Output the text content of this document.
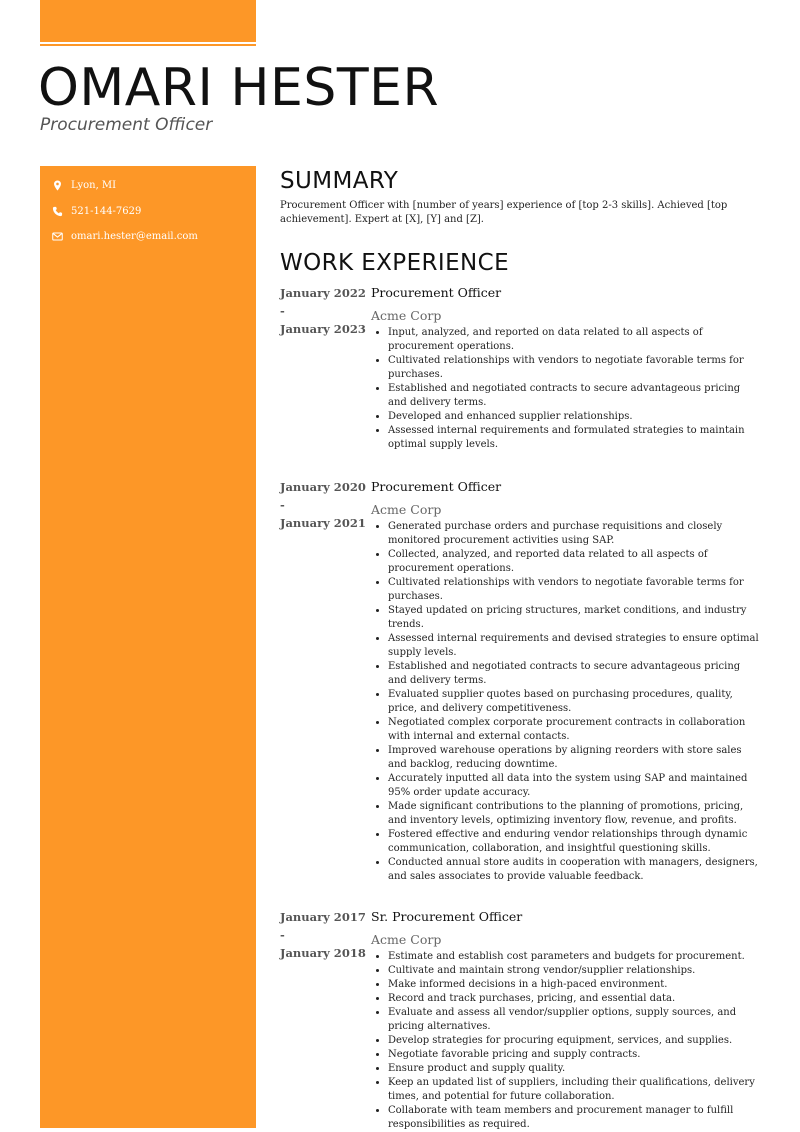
OMARI HESTER
Procurement Officer
Lyon, MI
521-144-7629
omari.hester@email.com
SUMMARY

Procurement Officer with [number of years] experience of [top 2-3 skills]. Achieved [top achievement]. Expert at [X], [Y] and [Z].

WORK EXPERIENCE
January 2022
-
January 2023
Procurement Officer
Acme Corp
• Input, analyzed, and reported on data related to all aspects of procurement operations.
• Cultivated relationships with vendors to negotiate favorable terms for purchases.
• Established and negotiated contracts to secure advantageous pricing and delivery terms.
• Developed and enhanced supplier relationships.
• Assessed internal requirements and formulated strategies to maintain optimal supply levels.
January 2020
-
January 2021
Procurement Officer
Acme Corp
• Generated purchase orders and purchase requisitions and closely monitored procurement activities using SAP.
• Collected, analyzed, and reported data related to all aspects of procurement operations.
• Cultivated relationships with vendors to negotiate favorable terms for purchases.
• Stayed updated on pricing structures, market conditions, and industry trends.
• Assessed internal requirements and devised strategies to ensure optimal supply levels.
• Established and negotiated contracts to secure advantageous pricing and delivery terms.
• Evaluated supplier quotes based on purchasing procedures, quality, price, and delivery competitiveness.
• Negotiated complex corporate procurement contracts in collaboration with internal and external contacts.
• Improved warehouse operations by aligning reorders with store sales and backlog, reducing downtime.
• Accurately inputted all data into the system using SAP and maintained 95% order update accuracy.
• Made significant contributions to the planning of promotions, pricing, and inventory levels, optimizing inventory flow, revenue, and profits.
• Fostered effective and enduring vendor relationships through dynamic communication, collaboration, and insightful questioning skills.
• Conducted annual store audits in cooperation with managers, designers, and sales associates to provide valuable feedback.
January 2017
-
January 2018
Sr. Procurement Officer
Acme Corp
• Estimate and establish cost parameters and budgets for procurement.
• Cultivate and maintain strong vendor/supplier relationships.
• Make informed decisions in a high-paced environment.
• Record and track purchases, pricing, and essential data.
• Evaluate and assess all vendor/supplier options, supply sources, and pricing alternatives.
• Develop strategies for procuring equipment, services, and supplies.
• Negotiate favorable pricing and supply contracts.
• Ensure product and supply quality.
• Keep an updated list of suppliers, including their qualifications, delivery times, and potential for future collaboration.
• Collaborate with team members and procurement manager to fulfill responsibilities as required.
